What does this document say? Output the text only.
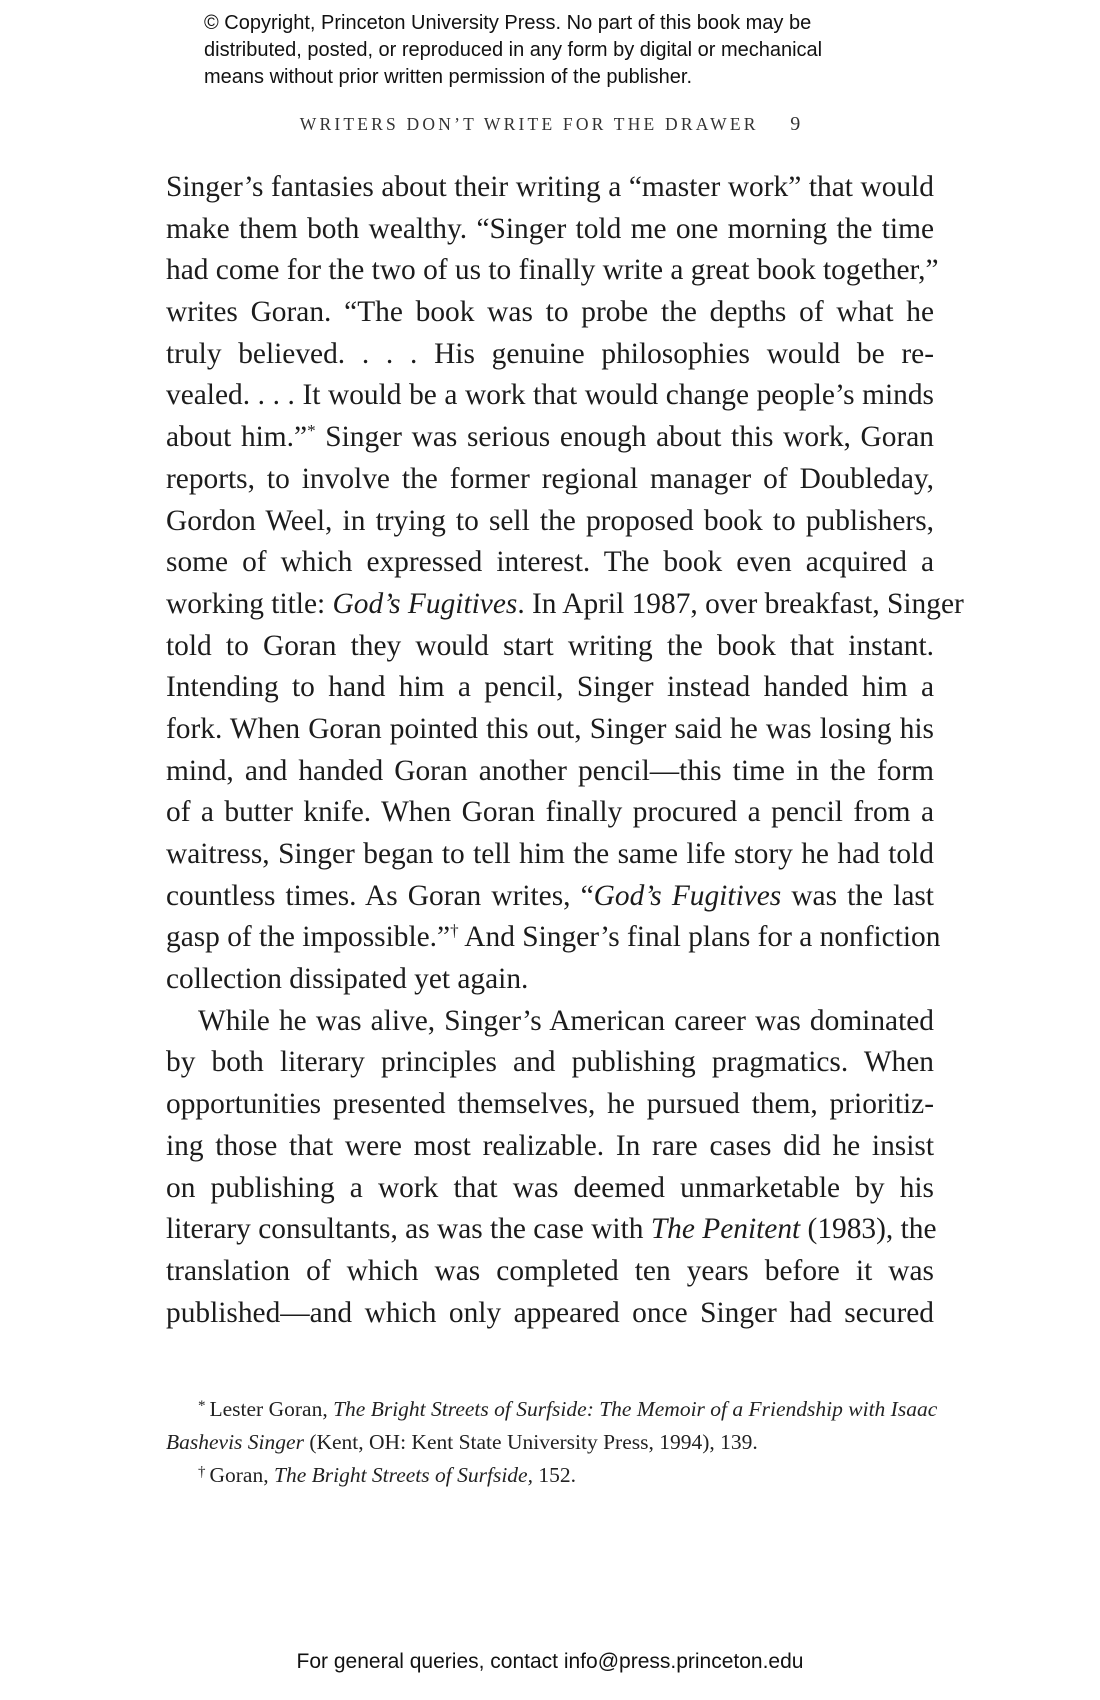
© Copyright, Princeton University Press. No part of this book may be
distributed, posted, or reproduced in any form by digital or mechanical
means without prior written permission of the publisher.
WRITERS DON’T WRITE FOR THE DRAWER 9
Singer’s fantasies about their writing a “master work” that would
make them both wealthy. “Singer told me one morning the time
had come for the two of us to finally write a great book together,”
writes Goran. “The book was to probe the depths of what he
truly believed. . . . His genuine philosophies would be re-
vealed. . . . It would be a work that would change people’s minds
about him.”* Singer was serious enough about this work, Goran
reports, to involve the former regional manager of Doubleday,
Gordon Weel, in trying to sell the proposed book to publishers,
some of which expressed interest. The book even acquired a
working title: God’s Fugitives. In April 1987, over breakfast, Singer
told to Goran they would start writing the book that instant.
Intending to hand him a pencil, Singer instead handed him a
fork. When Goran pointed this out, Singer said he was losing his
mind, and handed Goran another pencil—this time in the form
of a butter knife. When Goran finally procured a pencil from a
waitress, Singer began to tell him the same life story he had told
countless times. As Goran writes, “God’s Fugitives was the last
gasp of the impossible.”† And Singer’s final plans for a nonfiction
collection dissipated yet again.
While he was alive, Singer’s American career was dominated
by both literary principles and publishing pragmatics. When
opportunities presented themselves, he pursued them, prioritiz-
ing those that were most realizable. In rare cases did he insist
on publishing a work that was deemed unmarketable by his
literary consultants, as was the case with The Penitent (1983), the
translation of which was completed ten years before it was
published—and which only appeared once Singer had secured
* Lester Goran, The Bright Streets of Surfside: The Memoir of a Friendship with Isaac
Bashevis Singer (Kent, OH: Kent State University Press, 1994), 139.
† Goran, The Bright Streets of Surfside, 152.
For general queries, contact info@press.princeton.edu
